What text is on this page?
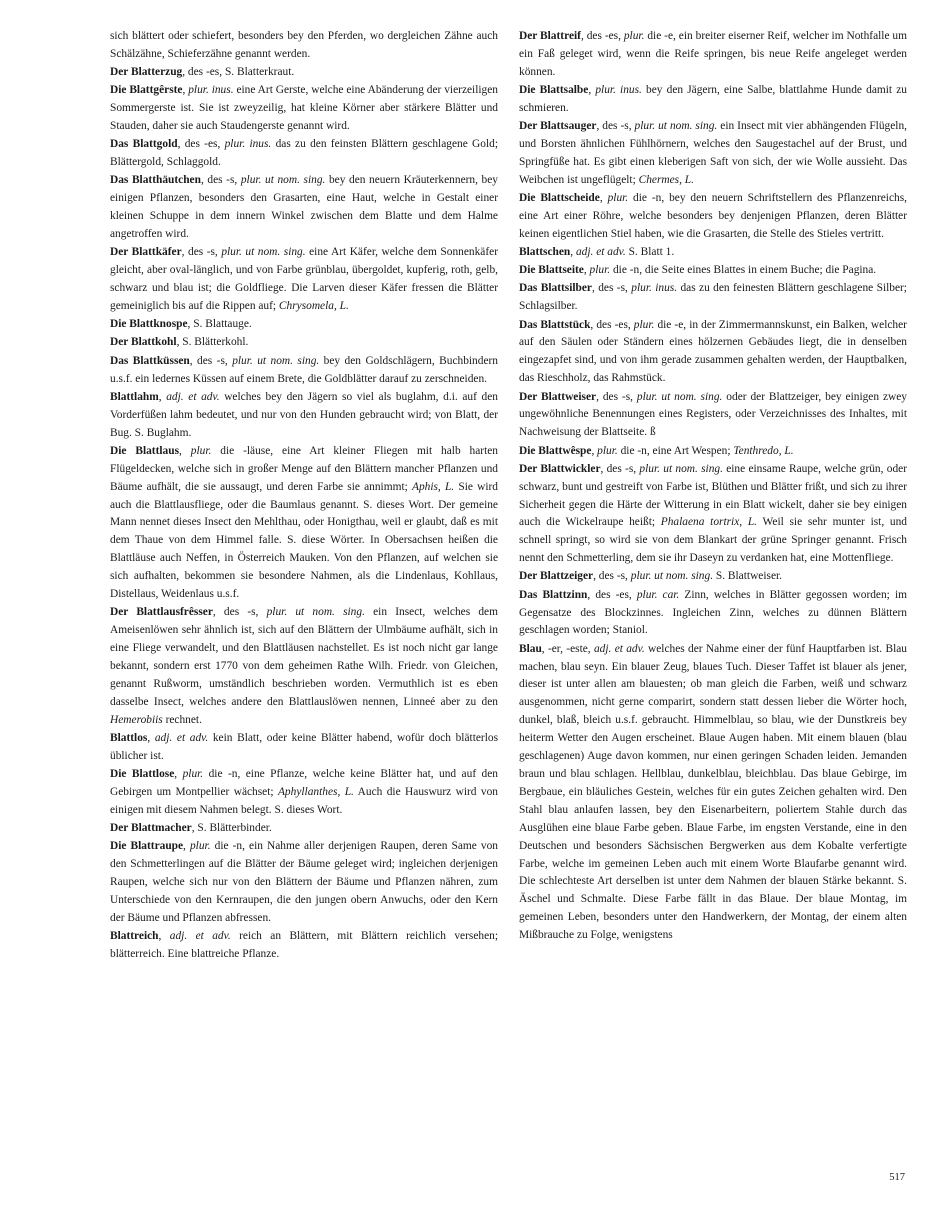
sich blättert oder schiefert, besonders bey den Pferden, wo dergleichen Zähne auch Schälzähne, Schieferzähne genannt werden.
Der Blatterzug, des -es, S. Blatterkraut.
Die Blattgêrste, plur. inus. eine Art Gerste, welche eine Abänderung der vierzeiligen Sommergerste ist. Sie ist zweyzeilig, hat kleine Körner aber stärkere Blätter und Stauden, daher sie auch Staudengerste genannt wird.
Das Blattgold, des -es, plur. inus. das zu den feinsten Blättern geschlagene Gold; Blättergold, Schlaggold.
Das Blatthäutchen, des -s, plur. ut nom. sing. bey den neuern Kräuterkennern, bey einigen Pflanzen, besonders den Grasarten, eine Haut, welche in Gestalt einer kleinen Schuppe in dem innern Winkel zwischen dem Blatte und dem Halme angetroffen wird.
Der Blattkäfer, des -s, plur. ut nom. sing. eine Art Käfer, welche dem Sonnenkäfer gleicht, aber oval-länglich, und von Farbe grünblau, übergoldet, kupferig, roth, gelb, schwarz und blau ist; die Goldfliege. Die Larven dieser Käfer fressen die Blätter gemeiniglich bis auf die Rippen auf; Chrysomela, L.
Die Blattknospe, S. Blattauge.
Der Blattkohl, S. Blätterkohl.
Das Blattküssen, des -s, plur. ut nom. sing. bey den Goldschlägern, Buchbindern u.s.f. ein ledernes Küssen auf einem Brete, die Goldblätter darauf zu zerschneiden.
Blattlahm, adj. et adv. welches bey den Jägern so viel als buglahm, d.i. auf den Vorderfüßen lahm bedeutet, und nur von den Hunden gebraucht wird; von Blatt, der Bug. S. Buglahm.
Die Blattlaus, plur. die -läuse, eine Art kleiner Fliegen mit halb harten Flügeldecken, welche sich in großer Menge auf den Blättern mancher Pflanzen und Bäume aufhält, die sie aussaugt, und deren Farbe sie annimmt; Aphis, L. Sie wird auch die Blattlausfliege, oder die Baumlaus genannt. S. dieses Wort. Der gemeine Mann nennet dieses Insect den Mehlthau, oder Honigthau, weil er glaubt, daß es mit dem Thaue von dem Himmel falle. S. diese Wörter. In Obersachsen heißen die Blattläuse auch Neffen, in Österreich Mauken. Von den Pflanzen, auf welchen sie sich aufhalten, bekommen sie besondere Nahmen, als die Lindenlaus, Kohllaus, Distellaus, Weidenlaus u.s.f.
Der Blattlausfrêsser, des -s, plur. ut nom. sing. ein Insect, welches dem Ameisenlöwen sehr ähnlich ist, sich auf den Blättern der Ulmbäume aufhält, sich in eine Fliege verwandelt, und den Blattläusen nachstellet. Es ist noch nicht gar lange bekannt, sondern erst 1770 von dem geheimen Rathe Wilh. Friedr. von Gleichen, genannt Rußworm, umständlich beschrieben worden. Vermuthlich ist es eben dasselbe Insect, welches andere den Blattlauslöwen nennen, Linneé aber zu den Hemerobiis rechnet.
Blattlos, adj. et adv. kein Blatt, oder keine Blätter habend, wofür doch blätterlos üblicher ist.
Die Blattlose, plur. die -n, eine Pflanze, welche keine Blätter hat, und auf den Gebirgen um Montpellier wächset; Aphyllanthes, L. Auch die Hauswurz wird von einigen mit diesem Nahmen belegt. S. dieses Wort.
Der Blattmacher, S. Blätterbinder.
Die Blattraupe, plur. die -n, ein Nahme aller derjenigen Raupen, deren Same von den Schmetterlingen auf die Blätter der Bäume geleget wird; ingleichen derjenigen Raupen, welche sich nur von den Blättern der Bäume und Pflanzen nähren, zum Unterschiede von den Kernraupen, die den jungen obern Anwuchs, oder den Kern der Bäume und Pflanzen abfressen.
Blattreich, adj. et adv. reich an Blättern, mit Blättern reichlich versehen; blätterreich. Eine blattreiche Pflanze.
Der Blattreif, des -es, plur. die -e, ein breiter eiserner Reif, welcher im Nothfalle um ein Faß geleget wird, wenn die Reife springen, bis neue Reife angeleget werden können.
Die Blattsalbe, plur. inus. bey den Jägern, eine Salbe, blattlahme Hunde damit zu schmieren.
Der Blattsauger, des -s, plur. ut nom. sing. ein Insect mit vier abhängenden Flügeln, und Borsten ähnlichen Fühlhörnern, welches den Saugestachel auf der Brust, und Springfüße hat. Es gibt einen kleberigen Saft von sich, der wie Wolle aussieht. Das Weibchen ist ungeflügelt; Chermes, L.
Die Blattscheide, plur. die -n, bey den neuern Schriftstellern des Pflanzenreichs, eine Art einer Röhre, welche besonders bey denjenigen Pflanzen, deren Blätter keinen eigentlichen Stiel haben, wie die Grasarten, die Stelle des Stieles vertritt.
Blattschen, adj. et adv. S. Blatt 1.
Die Blattseite, plur. die -n, die Seite eines Blattes in einem Buche; die Pagina.
Das Blattsilber, des -s, plur. inus. das zu den feinesten Blättern geschlagene Silber; Schlagsilber.
Das Blattstück, des -es, plur. die -e, in der Zimmermannskunst, ein Balken, welcher auf den Säulen oder Ständern eines hölzernen Gebäudes liegt, die in denselben eingezapfet sind, und von ihm gerade zusammen gehalten werden, der Hauptbalken, das Rieschholz, das Rahmstück.
Der Blattweiser, des -s, plur. ut nom. sing. oder der Blattzeiger, bey einigen zwey ungewöhnliche Benennungen eines Registers, oder Verzeichnisses des Inhaltes, mit Nachweisung der Blattseite. ß
Die Blattwêspe, plur. die -n, eine Art Wespen; Tenthredo, L.
Der Blattwickler, des -s, plur. ut nom. sing. eine einsame Raupe, welche grün, oder schwarz, bunt und gestreift von Farbe ist, Blüthen und Blätter frißt, und sich zu ihrer Sicherheit gegen die Härte der Witterung in ein Blatt wickelt, daher sie bey einigen auch die Wickelraupe heißt; Phalaena tortrix, L. Weil sie sehr munter ist, und schnell springt, so wird sie von dem Blankart der grüne Springer genannt. Frisch nennt den Schmetterling, dem sie ihr Daseyn zu verdanken hat, eine Mottenfliege.
Der Blattzeiger, des -s, plur. ut nom. sing. S. Blattweiser.
Das Blattzinn, des -es, plur. car. Zinn, welches in Blätter gegossen worden; im Gegensatze des Blockzinnes. Ingleichen Zinn, welches zu dünnen Blättern geschlagen worden; Staniol.
Blau, -er, -este, adj. et adv. welches der Nahme einer der fünf Hauptfarben ist. Blau machen, blau seyn. Ein blauer Zeug, blaues Tuch. Dieser Taffet ist blauer als jener, dieser ist unter allen am blauesten; ob man gleich die Farben, weiß und schwarz ausgenommen, nicht gerne comparirt, sondern statt dessen lieber die Wörter hoch, dunkel, blaß, bleich u.s.f. gebraucht. Himmelblau, so blau, wie der Dunstkreis bey heiterm Wetter den Augen erscheinet. Blaue Augen haben. Mit einem blauen (blau geschlagenen) Auge davon kommen, nur einen geringen Schaden leiden. Jemanden braun und blau schlagen. Hellblau, dunkelblau, bleichblau. Das blaue Gebirge, im Bergbaue, ein bläuliches Gestein, welches für ein gutes Zeichen gehalten wird. Den Stahl blau anlaufen lassen, bey den Eisenarbeitern, poliertem Stahle durch das Ausglühen eine blaue Farbe geben. Blaue Farbe, im engsten Verstande, eine in den Deutschen und besonders Sächsischen Bergwerken aus dem Kobalte verfertigte Farbe, welche im gemeinen Leben auch mit einem Worte Blaufarbe genannt wird. Die schlechteste Art derselben ist unter dem Nahmen der blauen Stärke bekannt. S. Äschel und Schmalte. Diese Farbe fällt in das Blaue. Der blaue Montag, im gemeinen Leben, besonders unter den Handwerkern, der Montag, der einem alten Mißbrauche zu Folge, wenigstens
517
